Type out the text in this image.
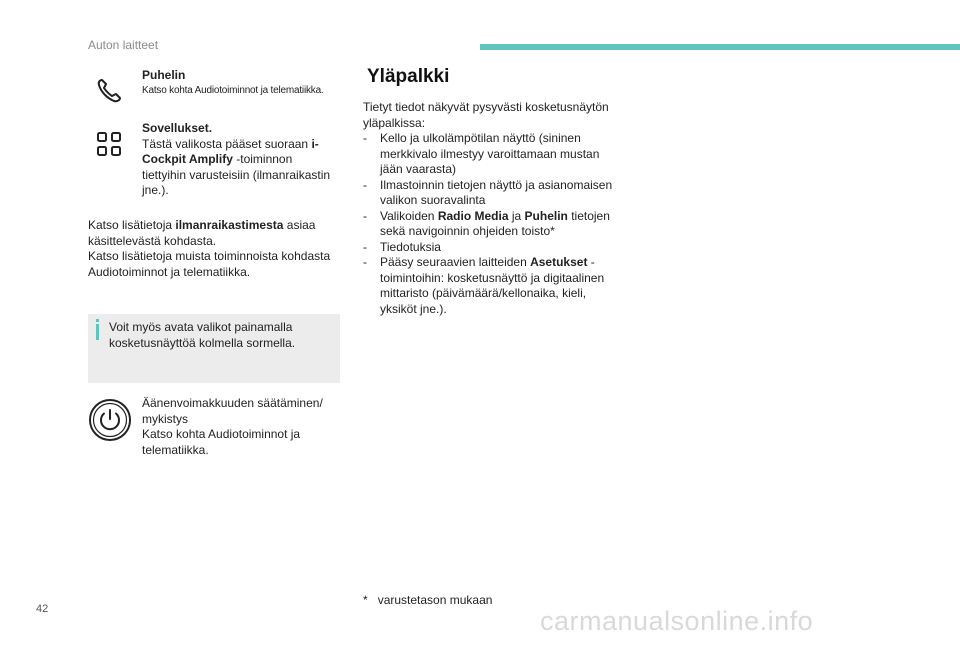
Auton laitteet
Puhelin
Katso kohta Audiotoiminnot ja telematiikka.
Sovellukset.
Tästä valikosta pääset suoraan i-Cockpit Amplify -toiminnon tiettyihin varusteisiin (ilmanraikastin jne.).
Katso lisätietoja ilmanraikastimesta asiaa käsittelevästä kohdasta.
Katso lisätietoja muista toiminnoista kohdasta Audiotoiminnot ja telematiikka.
Voit myös avata valikot painamalla kosketusnäyttöä kolmella sormella.
Äänenvoimakkuuden säätäminen/ mykistys
Katso kohta Audiotoiminnot ja telematiikka.
Yläpalkki
Tietyt tiedot näkyvät pysyvästi kosketusnäytön yläpalkissa:
- Kello ja ulkolämpötilan näyttö (sininen merkkivalo ilmestyy varoittamaan mustan jään vaarasta)
- Ilmastoinnin tietojen näyttö ja asianomaisen valikon suoravalinta
- Valikoiden Radio Media ja Puhelin tietojen sekä navigoinnin ohjeiden toisto*
- Tiedotuksia
- Pääsy seuraavien laitteiden Asetukset -toimintoihin: kosketusnäyttö ja digitaalinen mittaristo (päivämäärä/kellonaika, kieli, yksiköt jne.).
* varustetason mukaan
42	carmanualsonline.info
